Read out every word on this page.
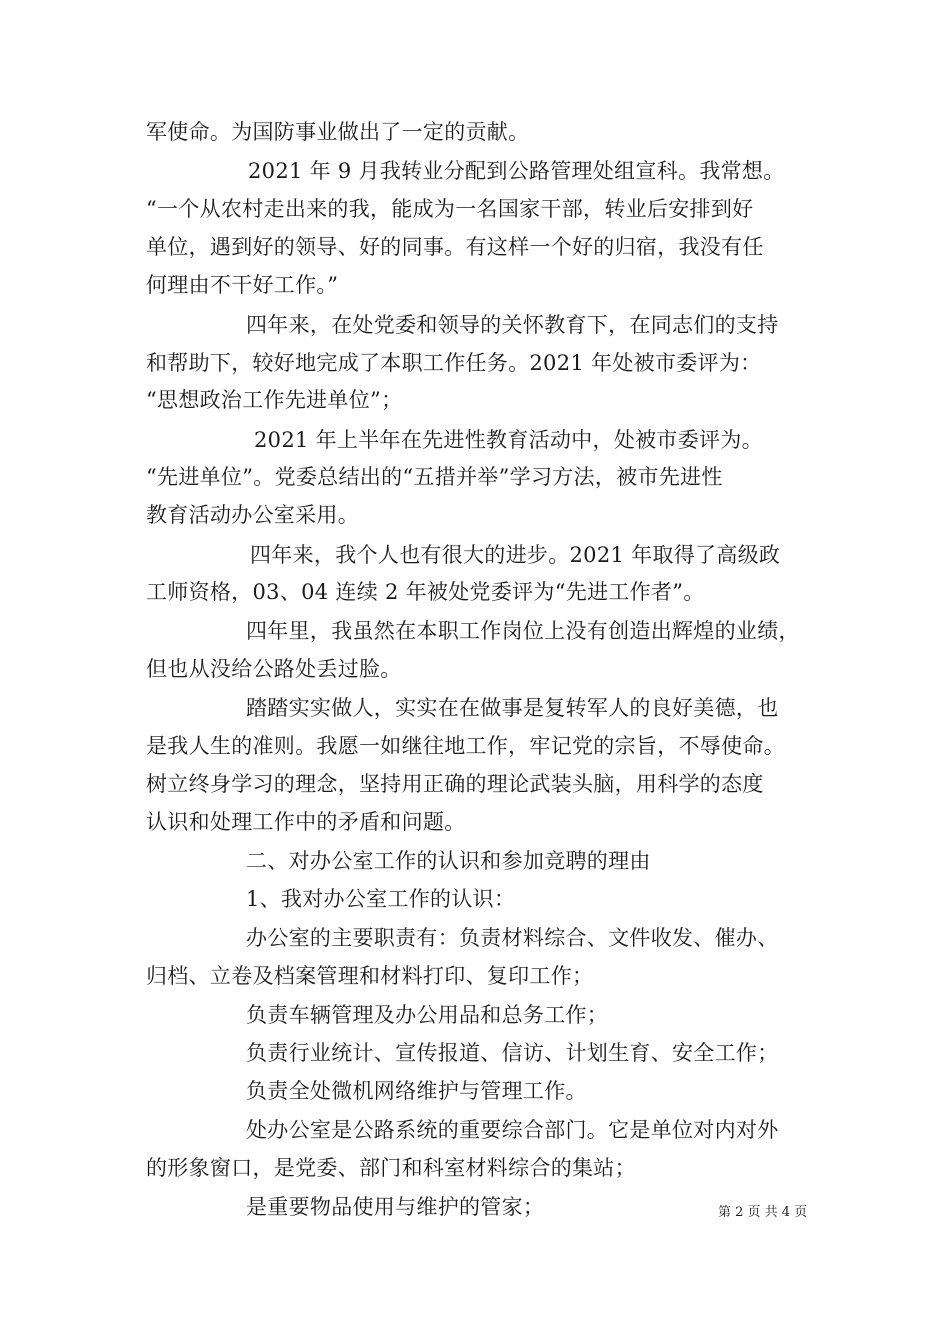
军使命。为国防事业做出了一定的贡献。
2021 年 9 月我转业分配到公路管理处组宣科。我常想。
“一个从农村走出来的我，能成为一名国家干部，转业后安排到好
单位，遇到好的领导、好的同事。有这样一个好的归宿，我没有任
何理由不干好工作。”
四年来，在处党委和领导的关怀教育下，在同志们的支持
和帮助下，较好地完成了本职工作任务。2021 年处被市委评为：
“思想政治工作先进单位”；
2021 年上半年在先进性教育活动中，处被市委评为。
“先进单位”。党委总结出的“五措并举”学习方法，被市先进性
教育活动办公室采用。
四年来，我个人也有很大的进步。2021 年取得了高级政
工师资格，03、04 连续 2 年被处党委评为“先进工作者”。
四年里，我虽然在本职工作岗位上没有创造出辉煌的业绩，
但也从没给公路处丢过脸。
踏踏实实做人，实实在在做事是复转军人的良好美德，也
是我人生的准则。我愿一如继往地工作，牢记党的宗旨，不辱使命。
树立终身学习的理念，坚持用正确的理论武装头脑，用科学的态度
认识和处理工作中的矛盾和问题。
二、对办公室工作的认识和参加竞聘的理由
1、我对办公室工作的认识：
办公室的主要职责有：负责材料综合、文件收发、催办、
归档、立卷及档案管理和材料打印、复印工作；
负责车辆管理及办公用品和总务工作；
负责行业统计、宣传报道、信访、计划生育、安全工作；
负责全处微机网络维护与管理工作。
处办公室是公路系统的重要综合部门。它是单位对内对外
的形象窗口，是党委、部门和科室材料综合的集站；
是重要物品使用与维护的管家；	第 2 页 共 4 页
